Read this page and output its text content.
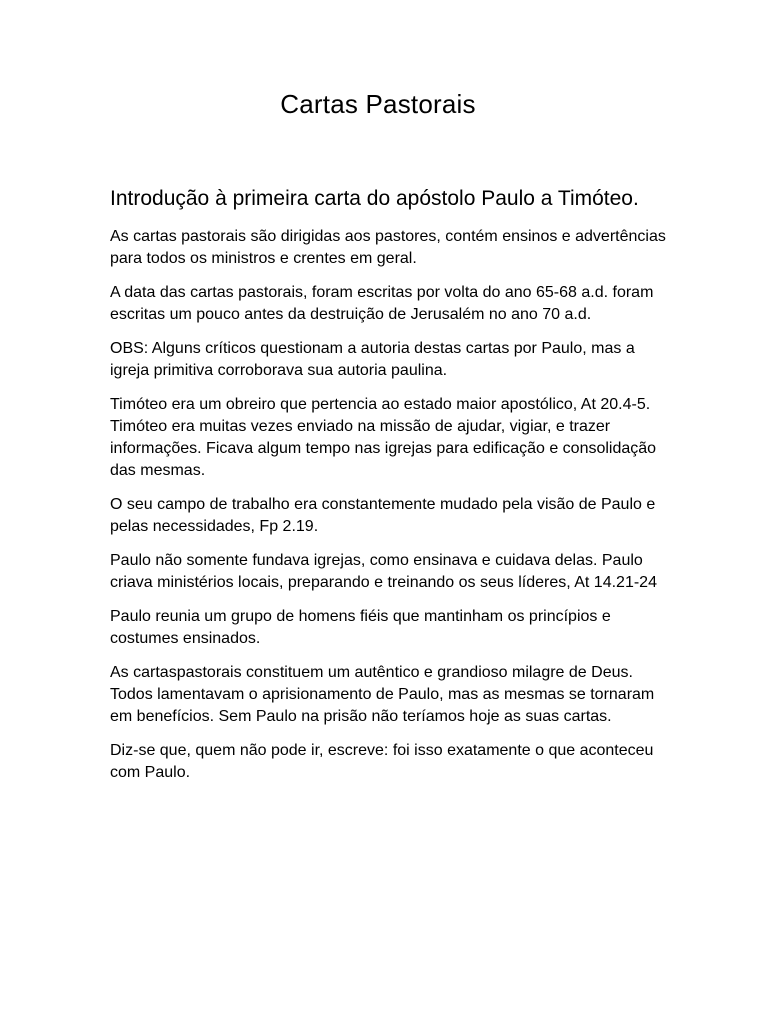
Cartas Pastorais
Introdução à primeira carta do apóstolo Paulo a Timóteo.

As cartas pastorais são dirigidas aos pastores, contém ensinos e advertências para todos os ministros e crentes em geral.

A data das cartas pastorais, foram escritas por volta do ano 65-68 a.d. foram escritas um pouco antes da destruição de Jerusalém no ano 70 a.d.

OBS: Alguns críticos questionam a autoria destas cartas por Paulo, mas a igreja primitiva corroborava sua autoria paulina.

Timóteo era um obreiro que pertencia ao estado maior apostólico, At 20.4-5. Timóteo era muitas vezes enviado na missão de ajudar, vigiar, e trazer informações. Ficava algum tempo nas igrejas para edificação e consolidação das mesmas.

O seu campo de trabalho era constantemente mudado pela visão de Paulo e pelas necessidades, Fp 2.19.

Paulo não somente fundava igrejas, como ensinava e cuidava delas. Paulo criava ministérios locais, preparando e treinando os seus líderes, At 14.21-24

Paulo reunia um grupo de homens fiéis que mantinham os princípios e costumes ensinados.

As cartaspastorais constituem um autêntico e grandioso milagre de Deus. Todos lamentavam o aprisionamento de Paulo, mas as mesmas se tornaram em benefícios. Sem Paulo na prisão não teríamos hoje as suas cartas.

Diz-se que, quem não pode ir, escreve: foi isso exatamente o que aconteceu com Paulo.
